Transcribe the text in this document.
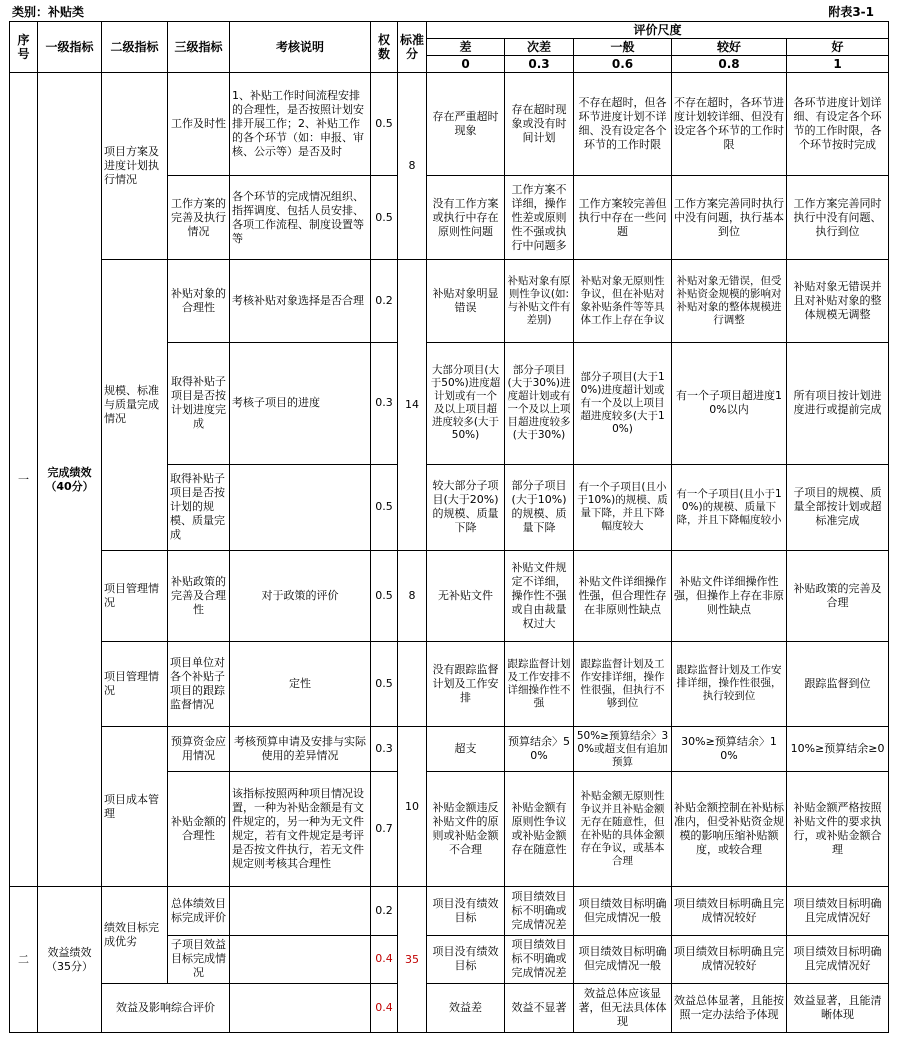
类别：补贴类	附表3-1
序号	一级指标	二级指标	三级指标	考核说明	权数	标准分	评价尺度				
							差	次差	一般	较好	好
							0	0.3	0.6	0.8	1
一	完成绩效（40分）	项目方案及进度计划执行情况	工作及时性	1、补贴工作时间流程安排的合理性，是否按照计划安排开展工作；2、补贴工作的各个环节（如：申报、审核、公示等）是否及时	0.5	8	存在严重超时现象	存在超时现象或没有时间计划	不存在超时，但各环节进度计划不详细、没有设定各个环节的工作时限	不存在超时，各环节进度计划较详细、但没有设定各个环节的工作时限	各环节进度计划详细、有设定各个环节的工作时限，各个环节按时完成
			工作方案的完善及执行情况	各个环节的完成情况组织、指挥调度、包括人员安排、各项工作流程、制度设置等等	0.5		没有工作方案或执行中存在原则性问题	工作方案不详细，操作性差或原则性不强或执行中问题多	工作方案较完善但执行中存在一些问题	工作方案完善同时执行中没有问题，执行基本到位	工作方案完善同时执行中没有问题、执行到位
		规模、标准与质量完成情况	补贴对象的合理性	考核补贴对象选择是否合理	0.2	14	补贴对象明显错误	补贴对象有原则性争议(如:与补贴文件有差别)	补贴对象无原则性争议，但在补贴对象补贴条件等等具体工作上存在争议	补贴对象无错误，但受补贴资金规模的影响对补贴对象的整体规模进行调整	补贴对象无错误并且对补贴对象的整体规模无调整
			取得补贴子项目是否按计划进度完成	考核子项目的进度	0.3		大部分项目(大于50%)进度超计划或有一个及以上项目超进度较多(大于50%)	部分子项目(大于30%)进度超计划或有一个及以上项目超进度较多(大于30%)	部分子项目(大于10%)进度超计划或有一个及以上项目超进度较多(大于10%)	有一个子项目超进度10%以内	所有项目按计划进度进行或提前完成
			取得补贴子项目是否按计划的规模、质量完成		0.5		较大部分子项目(大于20%)的规模、质量下降	部分子项目(大于10%)的规模、质量下降	有一个子项目(且小于10%)的规模、质量下降，并且下降幅度较大	有一个子项目(且小于10%)的规模、质量下降，并且下降幅度较小	子项目的规模、质量全部按计划或超标准完成
		项目管理情况	补贴政策的完善及合理性	对于政策的评价	0.5	8	无补贴文件	补贴文件规定不详细，操作性不强或自由裁量权过大	补贴文件详细操作性强，但合理性存在非原则性缺点	补贴文件详细操作性强，但操作上存在非原则性缺点	补贴政策的完善及合理
		项目管理情况	项目单位对各个补贴子项目的跟踪监督情况	定性	0.5		没有跟踪监督计划及工作安排	跟踪监督计划及工作安排不详细操作性不强	跟踪监督计划及工作安排详细，操作性很强，但执行不够到位	跟踪监督计划及工作安排详细，操作性很强，执行较到位	跟踪监督到位
		项目成本管理	预算资金应用情况	考核预算申请及安排与实际使用的差异情况	0.3	10	超支	预算结余〉50%	50%≥预算结余〉30%或超支但有追加预算	30%≥预算结余〉10%	10%≥预算结余≥0
			补贴金额的合理性	该指标按照两种项目情况设置，一种为补贴金额是有文件规定的，另一种为无文件规定，若有文件规定是考评是否按文件执行，若无文件规定则考核其合理性	0.7		补贴金额违反补贴文件的原则或补贴金额不合理	补贴金额有原则性争议或补贴金额存在随意性	补贴金额无原则性争议并且补贴金额无存在随意性，但在补贴的具体金额存在争议，或基本合理	补贴金额控制在补贴标准内，但受补贴资金规模的影响压缩补贴额度，或较合理	补贴金额严格按照补贴文件的要求执行，或补贴金额合理
二	效益绩效（35分）	绩效目标完成优劣	总体绩效目标完成评价		0.2	35	项目没有绩效目标	项目绩效目标不明确或完成情况差	项目绩效目标明确但完成情况一般	项目绩效目标明确且完成情况较好	项目绩效目标明确且完成情况好
			子项目效益目标完成情况		0.4		项目没有绩效目标	项目绩效目标不明确或完成情况差	项目绩效目标明确但完成情况一般	项目绩效目标明确且完成情况较好	项目绩效目标明确且完成情况好
		效益及影响综合评价			0.4		效益差	效益不显著	效益总体应该显著，但无法具体体现	效益总体显著，且能按照一定办法给予体现	效益显著，且能清晰体现
